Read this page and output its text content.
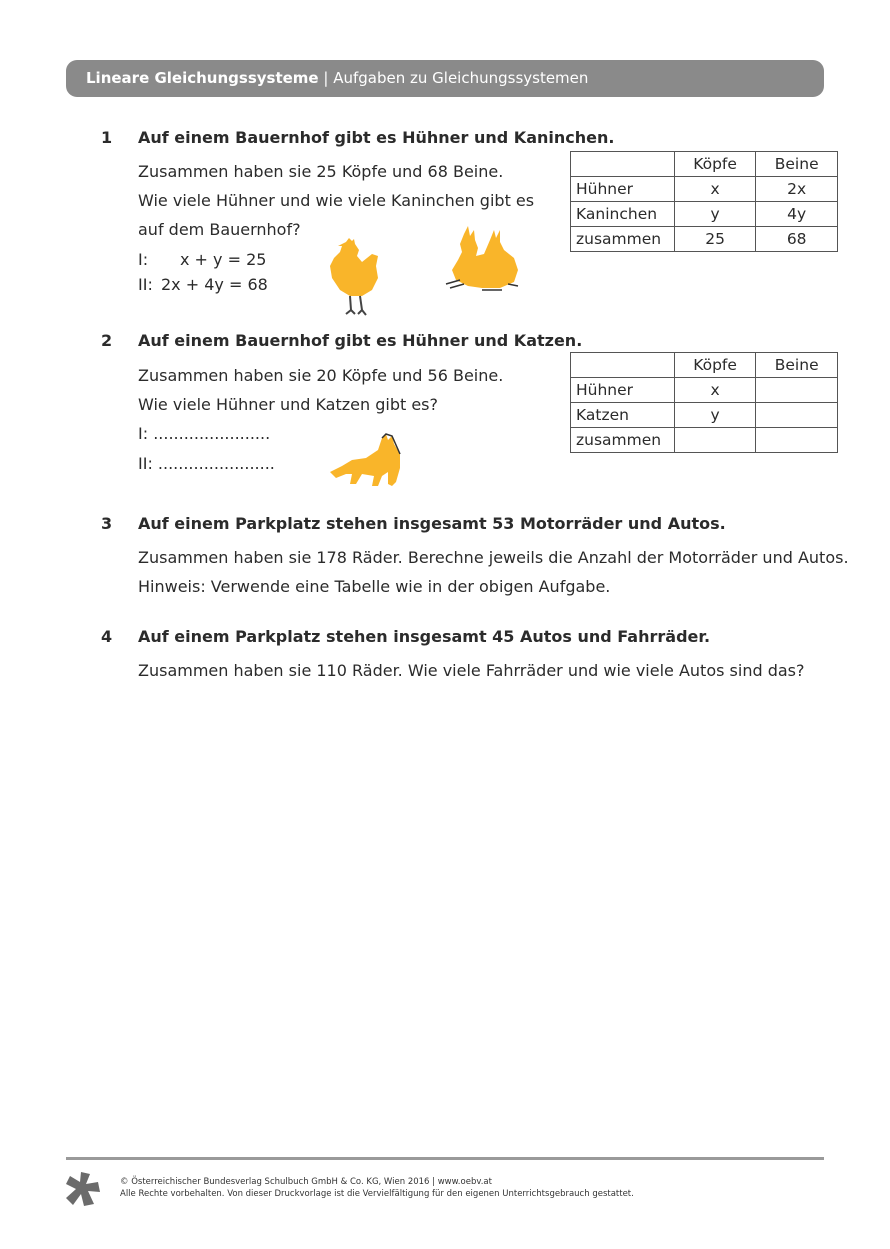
Lineare Gleichungssysteme | Aufgaben zu Gleichungssystemen
1 Auf einem Bauernhof gibt es Hühner und Kaninchen.
Zusammen haben sie 25 Köpfe und 68 Beine.
Wie viele Hühner und wie viele Kaninchen gibt es
auf dem Bauernhof?
I: x + y = 25
II: 2x + 4y = 68
	Köpfe	Beine
Hühner	x	2x
Kaninchen	y	4y
zusammen	25	68
2 Auf einem Bauernhof gibt es Hühner und Katzen.
Zusammen haben sie 20 Köpfe und 56 Beine.
Wie viele Hühner und Katzen gibt es?
I: .......................
II: .......................
	Köpfe	Beine
Hühner	x	
Katzen	y	
zusammen		
3 Auf einem Parkplatz stehen insgesamt 53 Motorräder und Autos.
Zusammen haben sie 178 Räder. Berechne jeweils die Anzahl der Motorräder und Autos.
Hinweis: Verwende eine Tabelle wie in der obigen Aufgabe.
4 Auf einem Parkplatz stehen insgesamt 45 Autos und Fahrräder.
Zusammen haben sie 110 Räder. Wie viele Fahrräder und wie viele Autos sind das?
© Österreichischer Bundesverlag Schulbuch GmbH & Co. KG, Wien 2016 | www.oebv.at
Alle Rechte vorbehalten. Von dieser Druckvorlage ist die Vervielfältigung für den eigenen Unterrichtsgebrauch gestattet.
